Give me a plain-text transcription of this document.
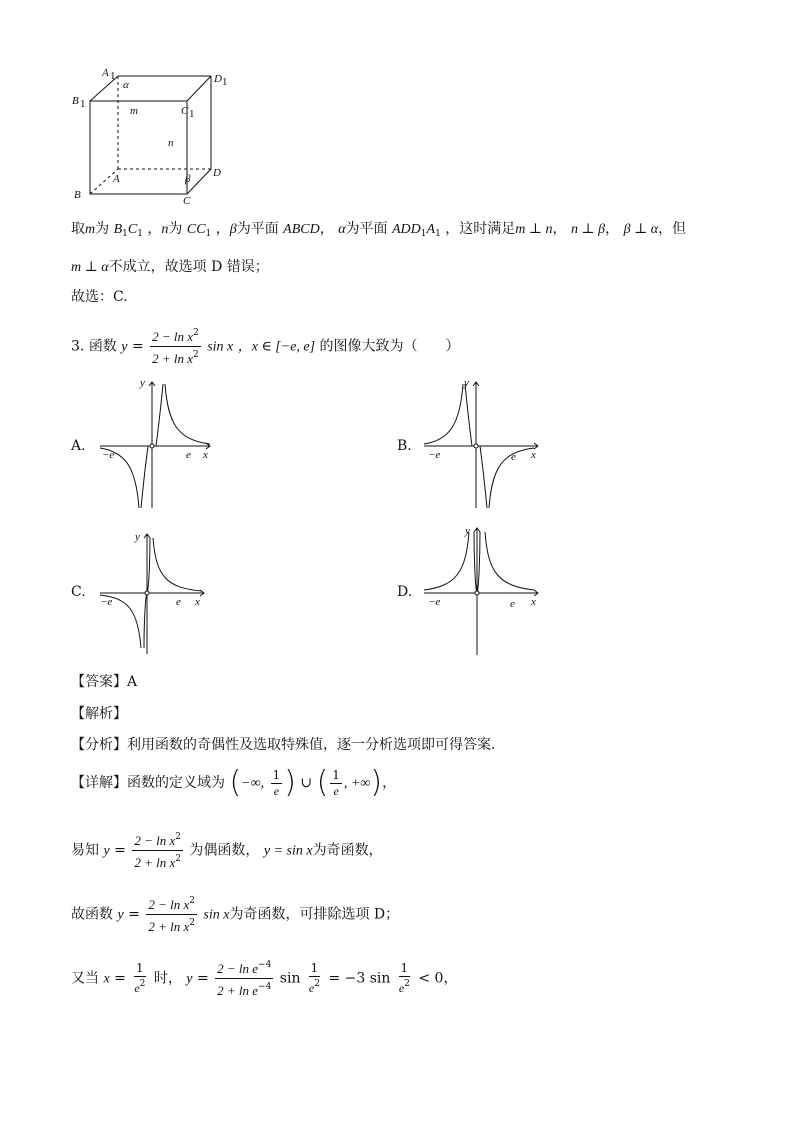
A 1	D 1
B 1
C 1
α
m
n
A	D
β
B	C
取m为 $B_1C_1$ ，n为 $CC_1$ ，β为平面 ABCD， α为平面 $ADD_1A_1$ ，这时满足m ⊥ n， n ⊥ β， β ⊥ α，但
m ⊥ α不成立，故选项 D 错误；
故选：C.
3. 函数 $y = \frac{2 - \ln x^2}{2 + \ln x^2}$ sin x ，x ∈ [−e, e] 的图像大致为（　　）
A.
y
x
−e	e
B.
y
x
−e	e
C.
y
x
−e	e
D.
y
x
−e	e
【答案】A
【解析】
【分析】利用函数的奇偶性及选取特殊值，逐一分析选项即可得答案．
【详解】函数的定义域为 (−∞, $\frac{1}{e}$ ) ∪ ( $\frac{1}{e}$ , +∞)，
易知 $y = \frac{2 - \ln x^2}{2 + \ln x^2}$ 为偶函数， y = sin x为奇函数，
故函数 $y = \frac{2 - \ln x^2}{2 + \ln x^2}$ sin x为奇函数，可排除选项 D；
又当 $x = \frac{1}{e^2}$ 时， $y = \frac{2 - \ln e^{-4}}{2 + \ln e^{-4}}$ $\sin \frac{1}{e^2} = -3$ $\sin \frac{1}{e^2} < 0$，
